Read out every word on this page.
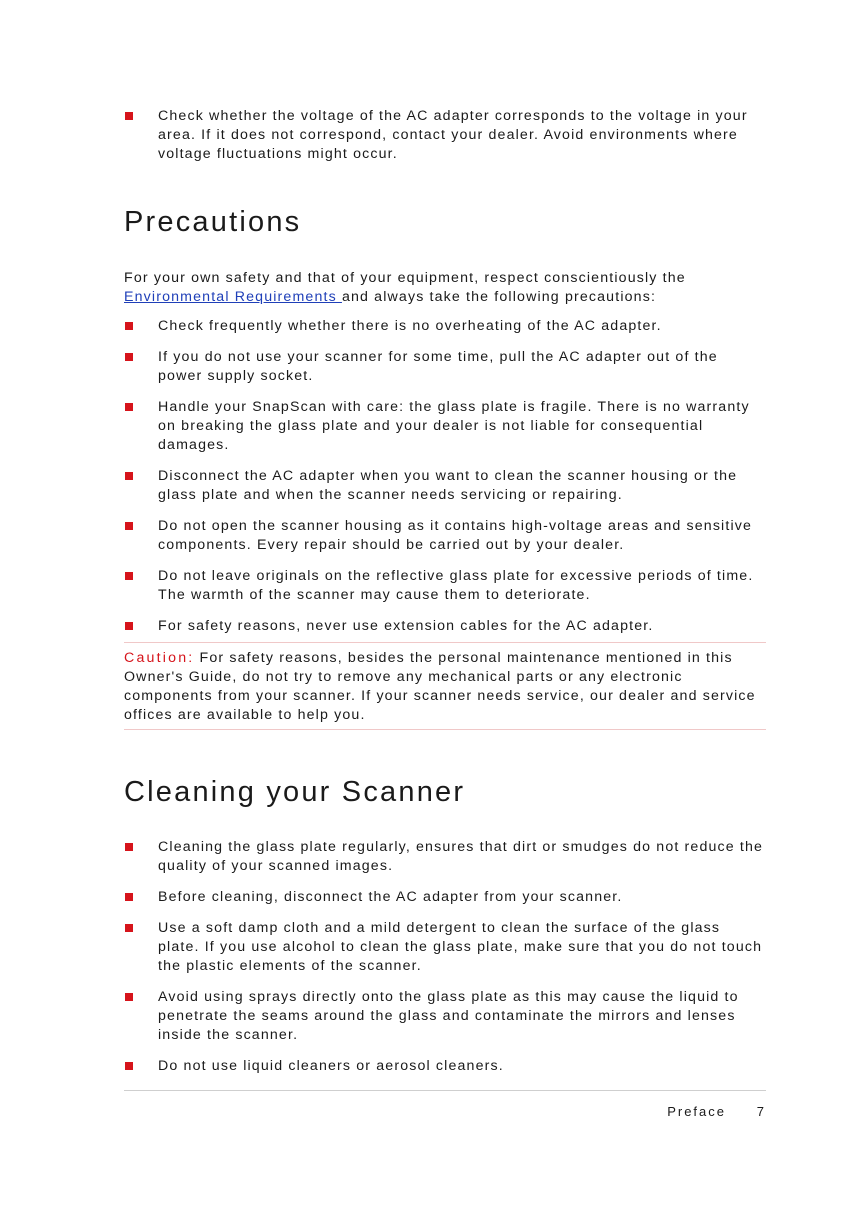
Check whether the voltage of the AC adapter corresponds to the voltage in your area. If it does not correspond, contact your dealer. Avoid environments where voltage fluctuations might occur.
Precautions

For your own safety and that of your equipment, respect conscientiously the Environmental Requirements and always take the following precautions:

Check frequently whether there is no overheating of the AC adapter.
If you do not use your scanner for some time, pull the AC adapter out of the power supply socket.
Handle your SnapScan with care: the glass plate is fragile. There is no warranty on breaking the glass plate and your dealer is not liable for consequential damages.
Disconnect the AC adapter when you want to clean the scanner housing or the glass plate and when the scanner needs servicing or repairing.
Do not open the scanner housing as it contains high-voltage areas and sensitive components. Every repair should be carried out by your dealer.
Do not leave originals on the reflective glass plate for excessive periods of time. The warmth of the scanner may cause them to deteriorate.
For safety reasons, never use extension cables for the AC adapter.
Caution: For safety reasons, besides the personal maintenance mentioned in this Owner's Guide, do not try to remove any mechanical parts or any electronic components from your scanner. If your scanner needs service, our dealer and service offices are available to help you.
Cleaning your Scanner
Cleaning the glass plate regularly, ensures that dirt or smudges do not reduce the quality of your scanned images.
Before cleaning, disconnect the AC adapter from your scanner.
Use a soft damp cloth and a mild detergent to clean the surface of the glass plate. If you use alcohol to clean the glass plate, make sure that you do not touch the plastic elements of the scanner.
Avoid using sprays directly onto the glass plate as this may cause the liquid to penetrate the seams around the glass and contaminate the mirrors and lenses inside the scanner.
Do not use liquid cleaners or aerosol cleaners.
Preface 7
